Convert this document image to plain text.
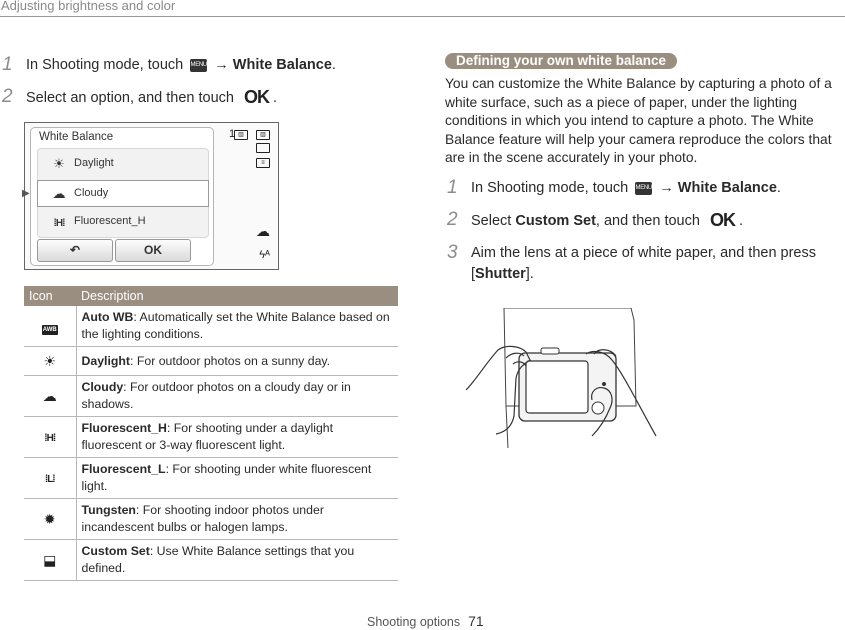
Adjusting brightness and color
1 In Shooting mode, touch MENU → White Balance.
2 Select an option, and then touch OK .
White Balance
☀ Daylight
▶ ☁ Cloudy
⁞H⁞ Fluorescent_H
↶	OK
1 ▥	▥
≡
☁
ϟᴬ
Icon	Description
AWB	Auto WB: Automatically set the White Balance based on the lighting conditions.
☀	Daylight: For outdoor photos on a sunny day.
☁	Cloudy: For outdoor photos on a cloudy day or in shadows.
⁞H⁞	Fluorescent_H: For shooting under a daylight fluorescent or 3-way fluorescent light.
⁞L⁞	Fluorescent_L: For shooting under white fluorescent light.
✹	Tungsten: For shooting indoor photos under incandescent bulbs or halogen lamps.
⬓	Custom Set: Use White Balance settings that you defined.
Defining your own white balance
You can customize the White Balance by capturing a photo of a white surface, such as a piece of paper, under the lighting conditions in which you intend to capture a photo. The White Balance feature will help your camera reproduce the colors that are in the scene accurately in your photo.
1 In Shooting mode, touch MENU → White Balance.
2 Select Custom Set, and then touch OK .
3 Aim the lens at a piece of white paper, and then press [Shutter].
Shooting options 71
